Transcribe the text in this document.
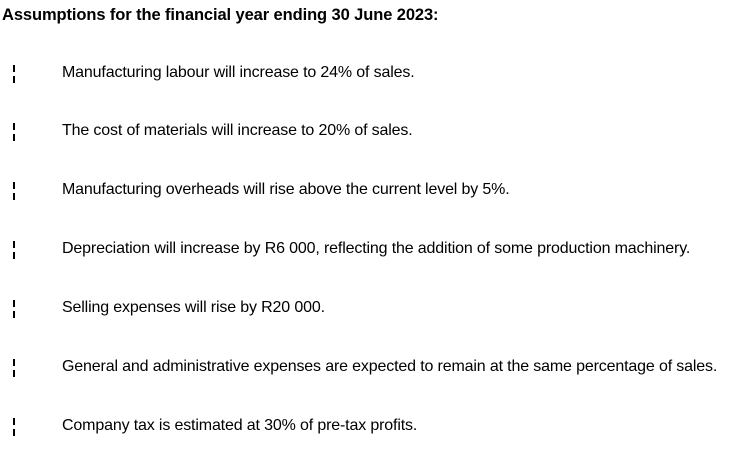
Assumptions for the financial year ending 30 June 2023:
Manufacturing labour will increase to 24% of sales.
The cost of materials will increase to 20% of sales.
Manufacturing overheads will rise above the current level by 5%.
Depreciation will increase by R6 000, reflecting the addition of some production machinery.
Selling expenses will rise by R20 000.
General and administrative expenses are expected to remain at the same percentage of sales.
Company tax is estimated at 30% of pre-tax profits.
